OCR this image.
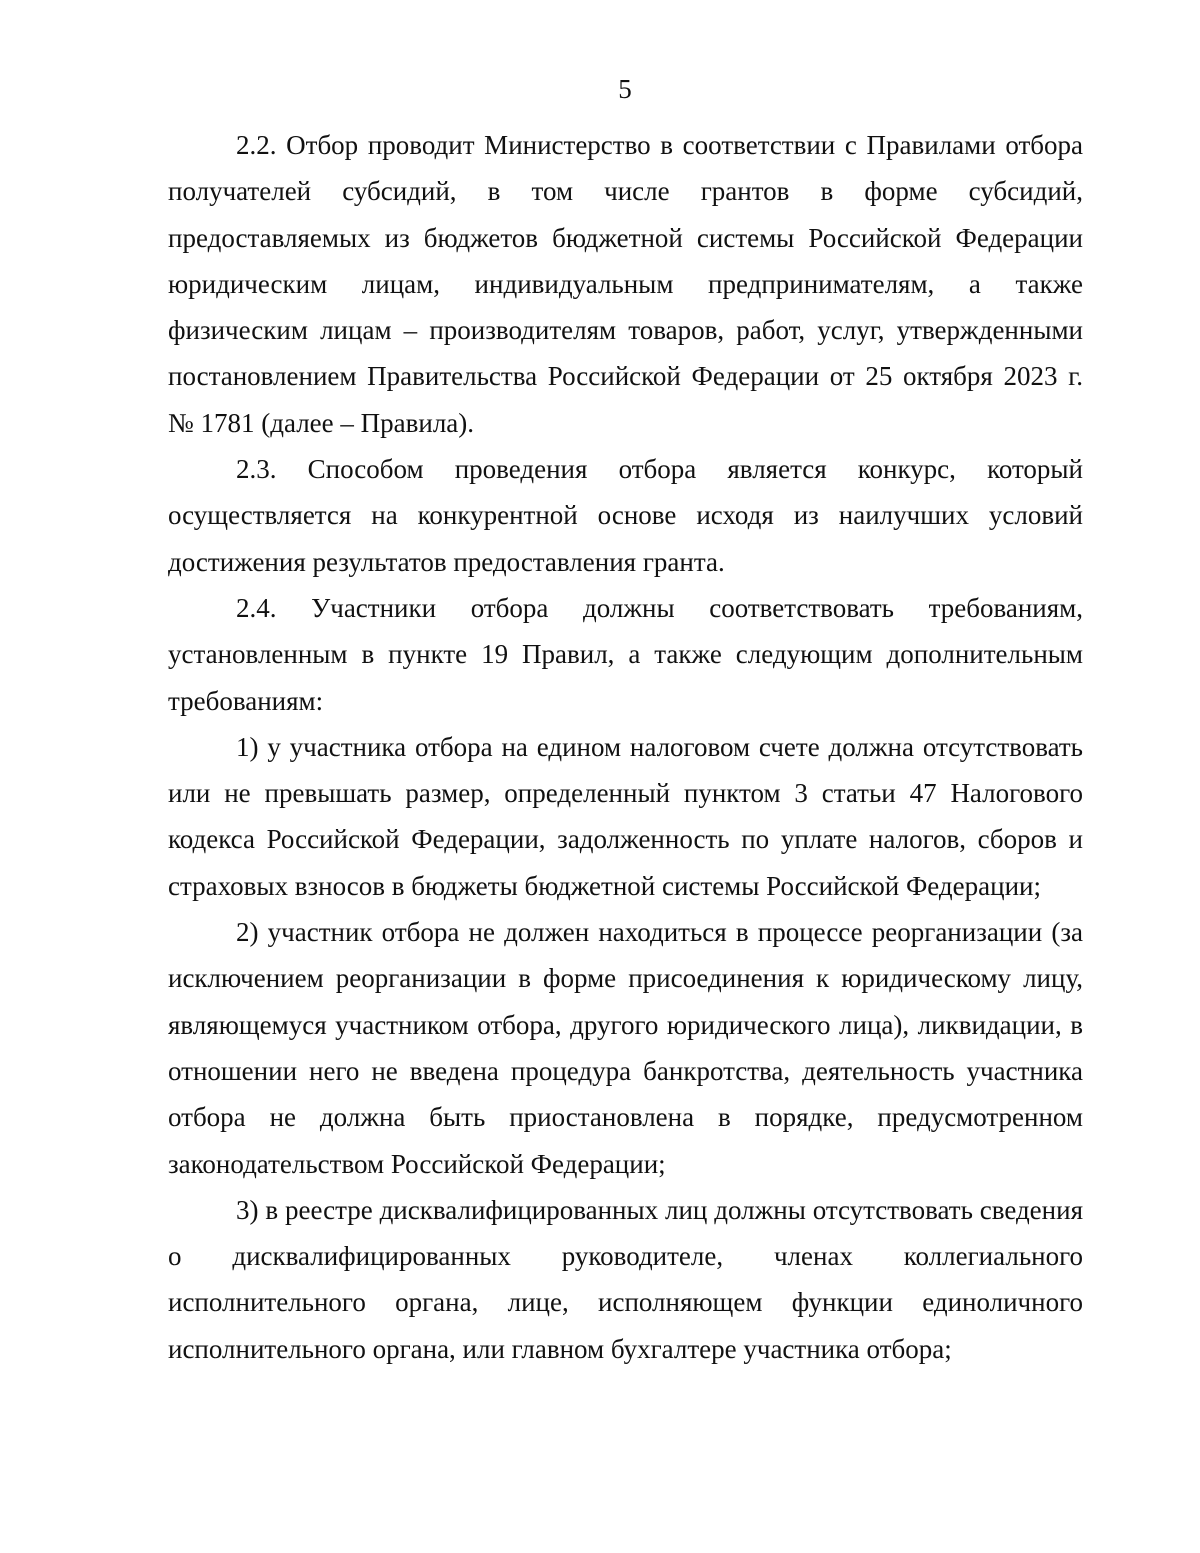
5

2.2. Отбор проводит Министерство в соответствии с Правилами отбора получателей субсидий, в том числе грантов в форме субсидий, предоставляемых из бюджетов бюджетной системы Российской Федерации юридическим лицам, индивидуальным предпринимателям, а также физическим лицам – производителям товаров, работ, услуг, утвержденными постановлением Правительства Российской Федерации от 25 октября 2023 г. № 1781 (далее – Правила).

2.3. Способом проведения отбора является конкурс, который осуществляется на конкурентной основе исходя из наилучших условий достижения результатов предоставления гранта.

2.4. Участники отбора должны соответствовать требованиям, установленным в пункте 19 Правил, а также следующим дополнительным требованиям:

1) у участника отбора на едином налоговом счете должна отсутствовать или не превышать размер, определенный пунктом 3 статьи 47 Налогового кодекса Российской Федерации, задолженность по уплате налогов, сборов и страховых взносов в бюджеты бюджетной системы Российской Федерации;

2) участник отбора не должен находиться в процессе реорганизации (за исключением реорганизации в форме присоединения к юридическому лицу, являющемуся участником отбора, другого юридического лица), ликвидации, в отношении него не введена процедура банкротства, деятельность участника отбора не должна быть приостановлена в порядке, предусмотренном законодательством Российской Федерации;

3) в реестре дисквалифицированных лиц должны отсутствовать сведения о дисквалифицированных руководителе, членах коллегиального исполнительного органа, лице, исполняющем функции единоличного исполнительного органа, или главном бухгалтере участника отбора;
